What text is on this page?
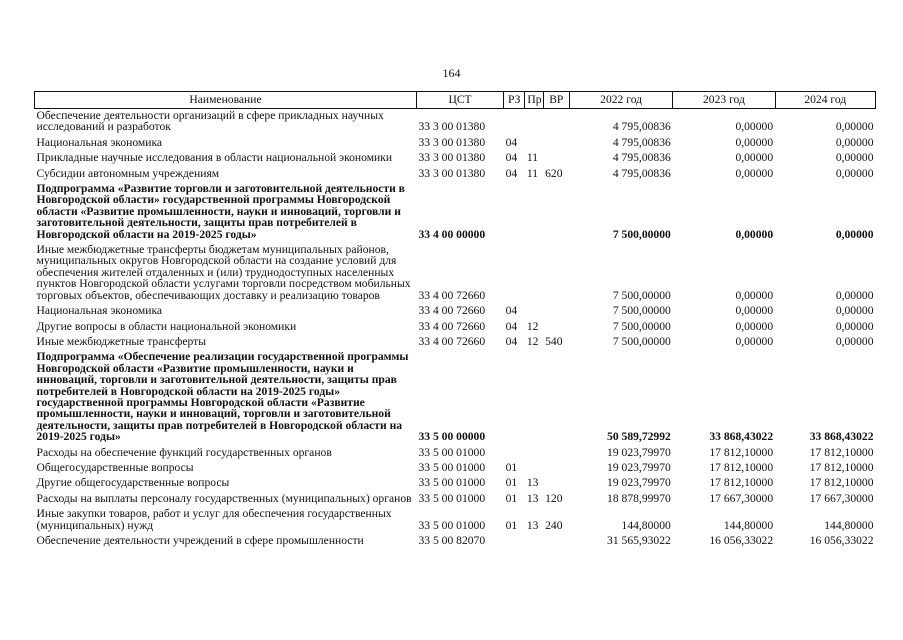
164
Наименование	ЦСТ	РЗ	Пр	ВР	2022 год	2023 год	2024 год
Обеспечение деятельности организаций в сфере прикладных научных исследований и разработок	33 3 00 01380				4 795,00836	0,00000	0,00000
Национальная экономика	33 3 00 01380	04			4 795,00836	0,00000	0,00000
Прикладные научные исследования в области национальной экономики	33 3 00 01380	04	11		4 795,00836	0,00000	0,00000
Субсидии автономным учреждениям	33 3 00 01380	04	11	620	4 795,00836	0,00000	0,00000
Подпрограмма «Развитие торговли и заготовительной деятельности в Новгородской области» государственной программы Новгородской области «Развитие промышленности, науки и инноваций, торговли и заготовительной деятельности, защиты прав потребителей в Новгородской области на 2019-2025 годы»	33 4 00 00000				7 500,00000	0,00000	0,00000
Иные межбюджетные трансферты бюджетам муниципальных районов, муниципальных округов Новгородской области на создание условий для обеспечения жителей отдаленных и (или) труднодоступных населенных пунктов Новгородской области услугами торговли посредством мобильных торговых объектов, обеспечивающих доставку и реализацию товаров	33 4 00 72660				7 500,00000	0,00000	0,00000
Национальная экономика	33 4 00 72660	04			7 500,00000	0,00000	0,00000
Другие вопросы в области национальной экономики	33 4 00 72660	04	12		7 500,00000	0,00000	0,00000
Иные межбюджетные трансферты	33 4 00 72660	04	12	540	7 500,00000	0,00000	0,00000
Подпрограмма «Обеспечение реализации государственной программы Новгородской области «Развитие промышленности, науки и инноваций, торговли и заготовительной деятельности, защиты прав потребителей в Новгородской области на 2019-2025 годы» государственной программы Новгородской области «Развитие промышленности, науки и инноваций, торговли и заготовительной деятельности, защиты прав потребителей в Новгородской области на 2019-2025 годы»	33 5 00 00000				50 589,72992	33 868,43022	33 868,43022
Расходы на обеспечение функций государственных органов	33 5 00 01000				19 023,79970	17 812,10000	17 812,10000
Общегосударственные вопросы	33 5 00 01000	01			19 023,79970	17 812,10000	17 812,10000
Другие общегосударственные вопросы	33 5 00 01000	01	13		19 023,79970	17 812,10000	17 812,10000
Расходы на выплаты персоналу государственных (муниципальных) органов	33 5 00 01000	01	13	120	18 878,99970	17 667,30000	17 667,30000
Иные закупки товаров, работ и услуг для обеспечения государственных (муниципальных) нужд	33 5 00 01000	01	13	240	144,80000	144,80000	144,80000
Обеспечение деятельности учреждений в сфере промышленности	33 5 00 82070				31 565,93022	16 056,33022	16 056,33022
